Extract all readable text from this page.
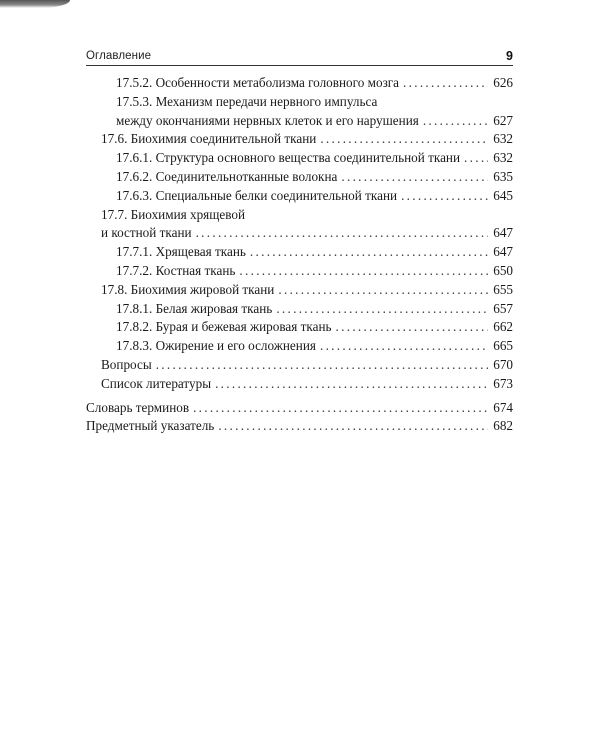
Оглавление	9
17.5.2. Особенности метаболизма головного мозга . . .	626
17.5.3. Механизм передачи нервного импульса
между окончаниями нервных клеток и его нарушения . . .	627
17.6. Биохимия соединительной ткани . . .	632
17.6.1. Структура основного вещества соединительной ткани . . .	632
17.6.2. Соединительнотканные волокна . . .	635
17.6.3. Специальные белки соединительной ткани . . .	645
17.7. Биохимия хрящевой
и костной ткани . . .	647
17.7.1. Хрящевая ткань . . .	647
17.7.2. Костная ткань . . .	650
17.8. Биохимия жировой ткани . . .	655
17.8.1. Белая жировая ткань . . .	657
17.8.2. Бурая и бежевая жировая ткань . . .	662
17.8.3. Ожирение и его осложнения . . .	665
Вопросы . . .	670
Список литературы . . .	673
Словарь терминов . . .	674
Предметный указатель . . .	682
